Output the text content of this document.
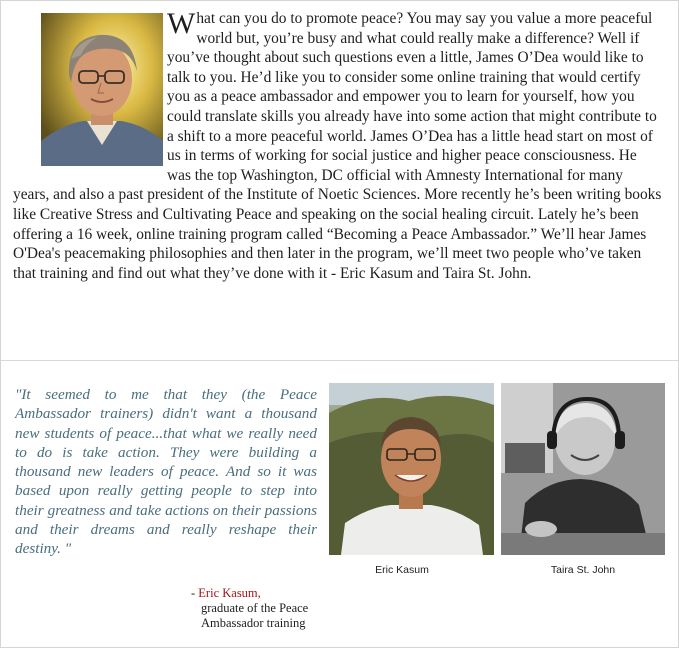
What can you do to promote peace? You may say you value a more peaceful world but, you’re busy and what could really make a difference? Well if you’ve thought about such questions even a little, James O’Dea would like to talk to you. He’d like you to consider some online training that would certify you as a peace ambassador and empower you to learn for yourself, how you could translate skills you already have into some action that might contribute to a shift to a more peaceful world. James O’Dea has a little head start on most of us in terms of working for social justice and higher peace consciousness. He was the top Washington, DC official with Amnesty International for many years, and also a past president of the Institute of Noetic Sciences. More recently he’s been writing books like Creative Stress and Cultivating Peace and speaking on the social healing circuit. Lately he’s been offering a 16 week, online training program called “Becoming a Peace Ambassador.” We’ll hear James O'Dea's peacemaking philosophies and then later in the program, we’ll meet two people who’ve taken that training and find out what they’ve done with it - Eric Kasum and Taira St. John.

"It seemed to me that they (the Peace Ambassador trainers) didn't want a thousand new students of peace...that what we really need to do is take action. They were building a thousand new leaders of peace. And so it was based upon really getting people to step into their greatness and take actions on their passions and their dreams and really reshape their destiny. "

- Eric Kasum,
graduate of the Peace
Ambassador training
Eric Kasum	Taira St. John
